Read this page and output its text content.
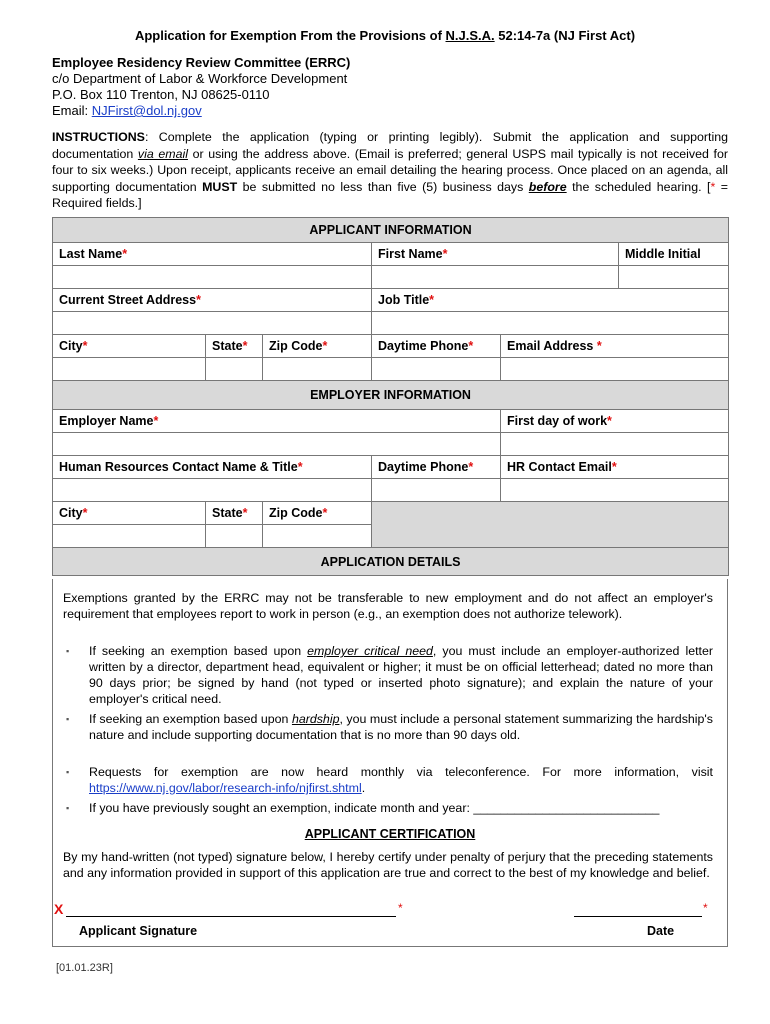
Application for Exemption From the Provisions of N.J.S.A. 52:14-7a (NJ First Act)
Employee Residency Review Committee (ERRC)
c/o Department of Labor & Workforce Development
P.O. Box 110 Trenton, NJ 08625-0110
Email: NJFirst@dol.nj.gov
INSTRUCTIONS: Complete the application (typing or printing legibly). Submit the application and supporting documentation via email or using the address above. (Email is preferred; general USPS mail typically is not received for four to six weeks.) Upon receipt, applicants receive an email detailing the hearing process. Once placed on an agenda, all supporting documentation MUST be submitted no less than five (5) business days before the scheduled hearing. [* = Required fields.]
APPLICANT INFORMATION					
Last Name*			First Name*		Middle Initial

Current Street Address*			Job Title*		

City*	State*	Zip Code*	Daytime Phone*	Email Address *	

EMPLOYER INFORMATION					
Employer Name*				First day of work*	

Human Resources Contact Name & Title*			Daytime Phone*	HR Contact Email*	

City*	State*	Zip Code*			

APPLICATION DETAILS					
Exemptions granted by the ERRC may not be transferable to new employment and do not affect an employer's requirement that employees report to work in person (e.g., an exemption does not authorize telework).
▪ If seeking an exemption based upon employer critical need, you must include an employer-authorized letter written by a director, department head, equivalent or higher; it must be on official letterhead; dated no more than 90 days prior; be signed by hand (not typed or inserted photo signature); and explain the nature of your employer's critical need.
▪ If seeking an exemption based upon hardship, you must include a personal statement summarizing the hardship's nature and include supporting documentation that is no more than 90 days old.
▪ Requests for exemption are now heard monthly via teleconference. For more information, visit https://www.nj.gov/labor/research-info/njfirst.shtml.
▪ If you have previously sought an exemption, indicate month and year: ___________________________
APPLICANT CERTIFICATION
By my hand-written (not typed) signature below, I hereby certify under penalty of perjury that the preceding statements and any information provided in support of this application are true and correct to the best of my knowledge and belief.
X	*	*
Applicant Signature	Date
[01.01.23R]
